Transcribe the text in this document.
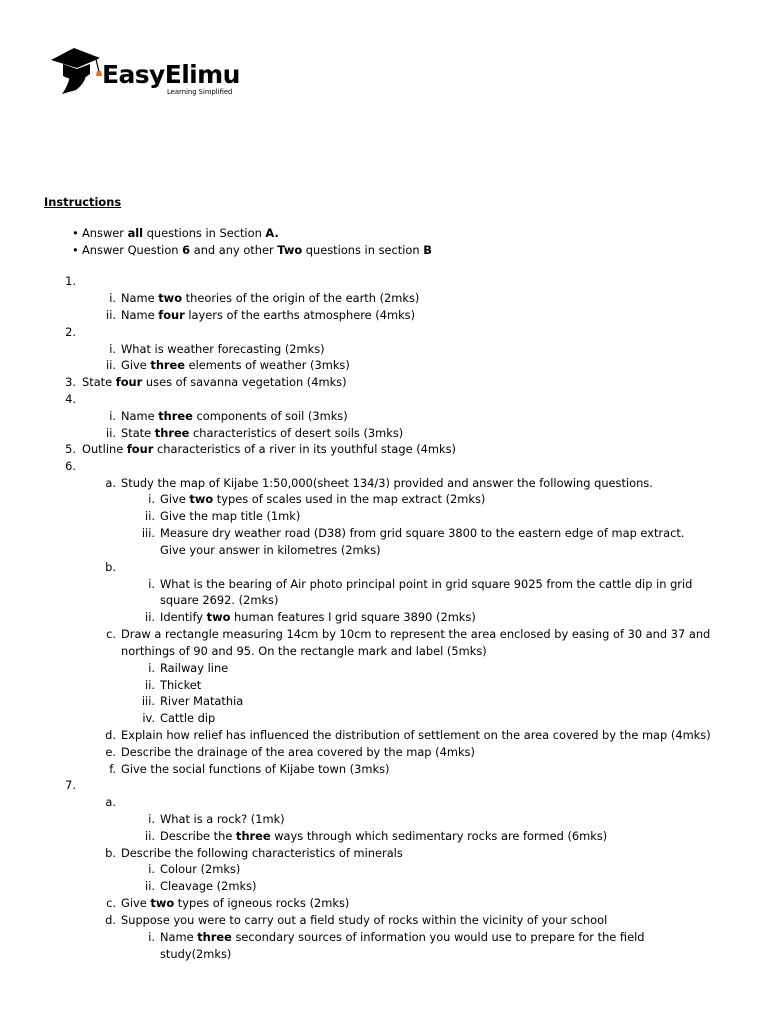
EasyElimu
Learning Simplified
Instructions
• Answer all questions in Section A.
• Answer Question 6 and any other Two questions in section B
1.
i. Name two theories of the origin of the earth (2mks)
ii. Name four layers of the earths atmosphere (4mks)
2.
i. What is weather forecasting (2mks)
ii. Give three elements of weather (3mks)
3. State four uses of savanna vegetation (4mks)
4.
i. Name three components of soil (3mks)
ii. State three characteristics of desert soils (3mks)
5. Outline four characteristics of a river in its youthful stage (4mks)
6.
a. Study the map of Kijabe 1:50,000(sheet 134/3) provided and answer the following questions.
i. Give two types of scales used in the map extract (2mks)
ii. Give the map title (1mk)
iii. Measure dry weather road (D38) from grid square 3800 to the eastern edge of map extract.
Give your answer in kilometres (2mks)
b.
i. What is the bearing of Air photo principal point in grid square 9025 from the cattle dip in grid
square 2692. (2mks)
ii. Identify two human features I grid square 3890 (2mks)
c. Draw a rectangle measuring 14cm by 10cm to represent the area enclosed by easing of 30 and 37 and
northings of 90 and 95. On the rectangle mark and label (5mks)
i. Railway line
ii. Thicket
iii. River Matathia
iv. Cattle dip
d. Explain how relief has influenced the distribution of settlement on the area covered by the map (4mks)
e. Describe the drainage of the area covered by the map (4mks)
f. Give the social functions of Kijabe town (3mks)
7.
a.
i. What is a rock? (1mk)
ii. Describe the three ways through which sedimentary rocks are formed (6mks)
b. Describe the following characteristics of minerals
i. Colour (2mks)
ii. Cleavage (2mks)
c. Give two types of igneous rocks (2mks)
d. Suppose you were to carry out a field study of rocks within the vicinity of your school
i. Name three secondary sources of information you would use to prepare for the field
study(2mks)
